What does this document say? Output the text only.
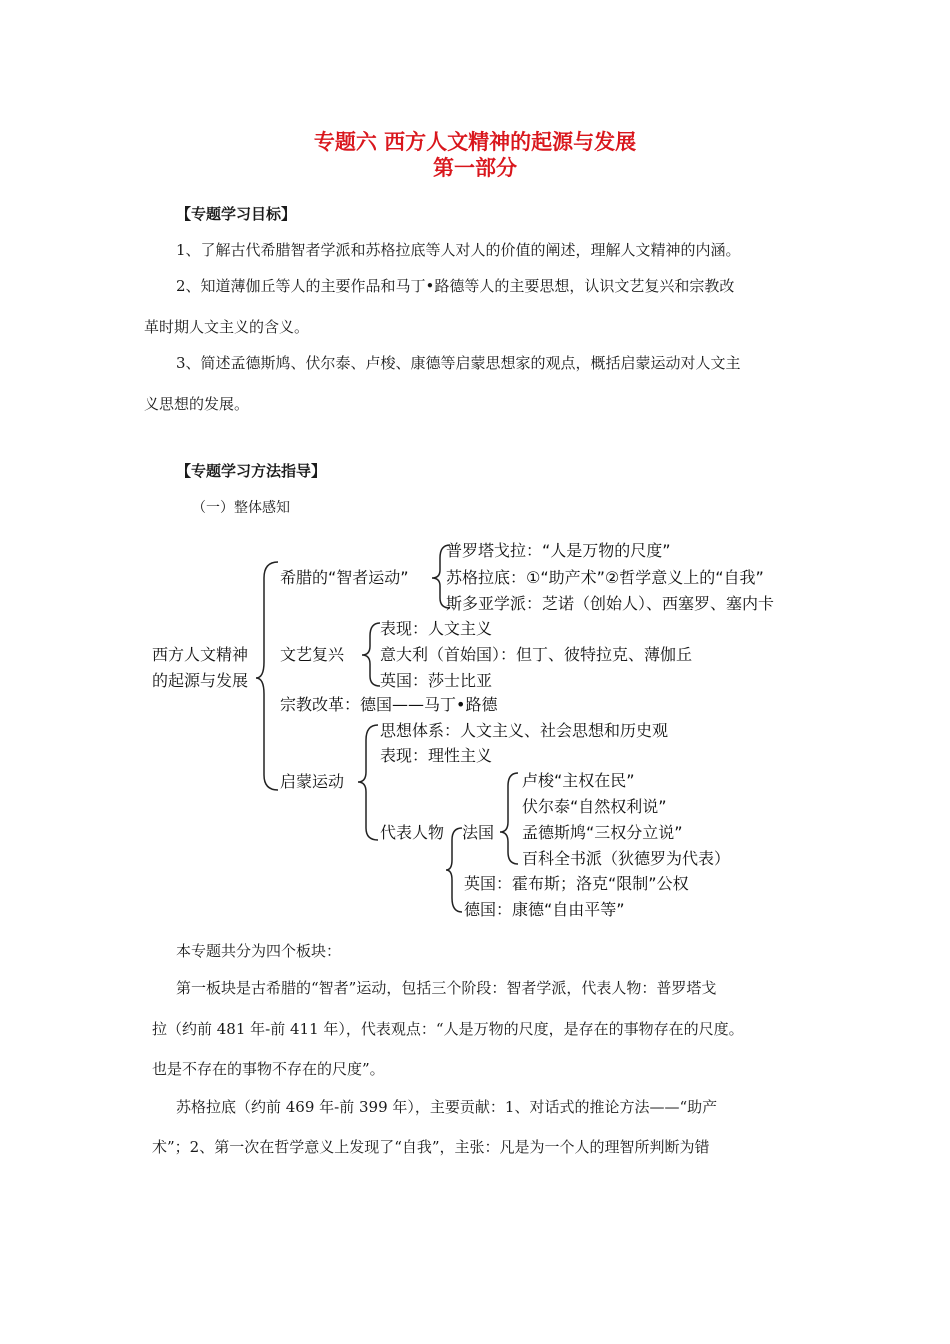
专题六 西方人文精神的起源与发展
第一部分
【专题学习目标】
1、了解古代希腊智者学派和苏格拉底等人对人的价值的阐述，理解人文精神的内涵。
2、知道薄伽丘等人的主要作品和马丁•路德等人的主要思想，认识文艺复兴和宗教改
革时期人文主义的含义。
3、简述孟德斯鸠、伏尔泰、卢梭、康德等启蒙思想家的观点，概括启蒙运动对人文主
义思想的发展。
【专题学习方法指导】
（一）整体感知
西方人文精神
的起源与发展
希腊的“智者运动”
普罗塔戈拉：“人是万物的尺度”
苏格拉底：①“助产术”②哲学意义上的“自我”
斯多亚学派：芝诺（创始人）、西塞罗、塞内卡
文艺复兴
表现：人文主义
意大利（首始国）：但丁、彼特拉克、薄伽丘
英国：莎士比亚
宗教改革：德国——马丁•路德
启蒙运动
思想体系：人文主义、社会思想和历史观
表现：理性主义
代表人物 法国
卢梭“主权在民”
伏尔泰“自然权利说”
孟德斯鸠“三权分立说”
百科全书派（狄德罗为代表）
英国：霍布斯；洛克“限制”公权
德国：康德“自由平等”
本专题共分为四个板块：
第一板块是古希腊的“智者”运动，包括三个阶段：智者学派，代表人物：普罗塔戈
拉（约前 481 年-前 411 年），代表观点：“人是万物的尺度，是存在的事物存在的尺度。
也是不存在的事物不存在的尺度”。
苏格拉底（约前 469 年-前 399 年），主要贡献：1、对话式的推论方法——“助产
术”；2、第一次在哲学意义上发现了“自我”，主张：凡是为一个人的理智所判断为错
